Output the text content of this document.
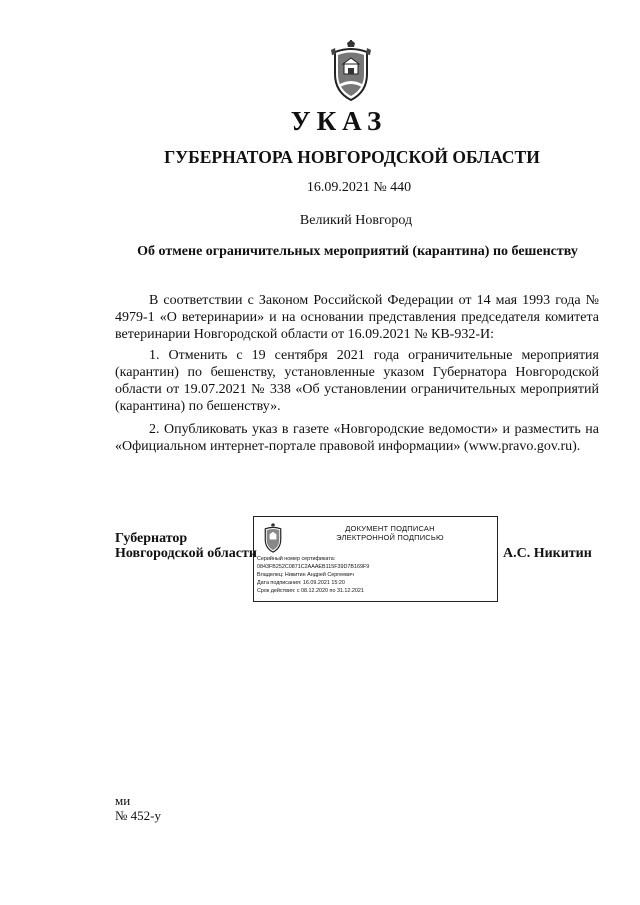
УКАЗ
ГУБЕРНАТОРА НОВГОРОДСКОЙ ОБЛАСТИ
16.09.2021 № 440
Великий Новгород
Об отмене ограничительных мероприятий (карантина) по бешенству

В соответствии с Законом Российской Федерации от 14 мая 1993 года № 4979-1 «О ветеринарии» и на основании представления председателя комитета ветеринарии Новгородской области от 16.09.2021 № КВ-932-И:

1. Отменить с 19 сентября 2021 года ограничительные мероприятия (карантин) по бешенству, установленные указом Губернатора Новгородской области от 19.07.2021 № 338 «Об установлении ограничительных мероприятий (карантина) по бешенству».

2. Опубликовать указ в газете «Новгородские ведомости» и разместить на «Официальном интернет-портале правовой информации» (www.pravo.gov.ru).

Губернатор
Новгородской области
ДОКУМЕНТ ПОДПИСАН
ЭЛЕКТРОННОЙ ПОДПИСЬЮ
Серийный номер сертификата:
0843FB252C0871C2AAAEB115F39D7B169F9
Владелец: Никитин Андрей Сергеевич
Дата подписания: 16.09.2021 15:20
Срок действия: с 08.12.2020 по 31.12.2021
А.С. Никитин
ми
№ 452-у
